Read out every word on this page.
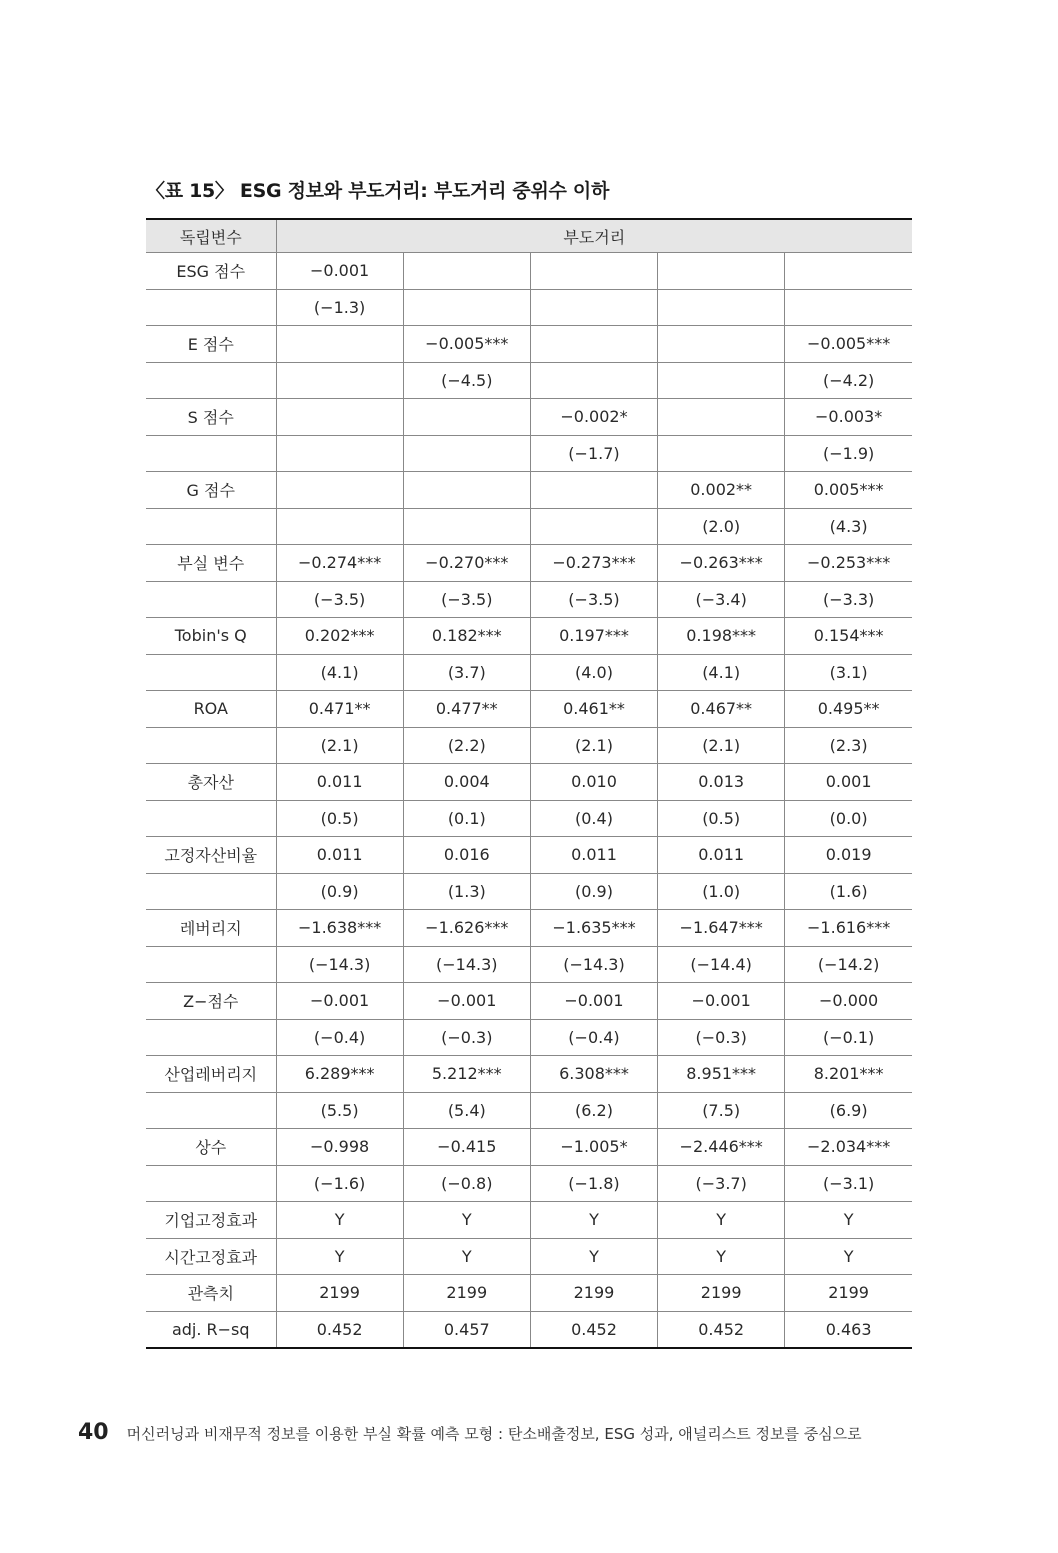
〈표 15〉 ESG 정보와 부도거리: 부도거리 중위수 이하
독립변수	부도거리				
ESG 점수	−0.001				
	(−1.3)				
E 점수		−0.005***			−0.005***
		(−4.5)			(−4.2)
S 점수			−0.002*		−0.003*
			(−1.7)		(−1.9)
G 점수				0.002**	0.005***
				(2.0)	(4.3)
부실 변수	−0.274***	−0.270***	−0.273***	−0.263***	−0.253***
	(−3.5)	(−3.5)	(−3.5)	(−3.4)	(−3.3)
Tobin's Q	0.202***	0.182***	0.197***	0.198***	0.154***
	(4.1)	(3.7)	(4.0)	(4.1)	(3.1)
ROA	0.471**	0.477**	0.461**	0.467**	0.495**
	(2.1)	(2.2)	(2.1)	(2.1)	(2.3)
총자산	0.011	0.004	0.010	0.013	0.001
	(0.5)	(0.1)	(0.4)	(0.5)	(0.0)
고정자산비율	0.011	0.016	0.011	0.011	0.019
	(0.9)	(1.3)	(0.9)	(1.0)	(1.6)
레버리지	−1.638***	−1.626***	−1.635***	−1.647***	−1.616***
	(−14.3)	(−14.3)	(−14.3)	(−14.4)	(−14.2)
Z−점수	−0.001	−0.001	−0.001	−0.001	−0.000
	(−0.4)	(−0.3)	(−0.4)	(−0.3)	(−0.1)
산업레버리지	6.289***	5.212***	6.308***	8.951***	8.201***
	(5.5)	(5.4)	(6.2)	(7.5)	(6.9)
상수	−0.998	−0.415	−1.005*	−2.446***	−2.034***
	(−1.6)	(−0.8)	(−1.8)	(−3.7)	(−3.1)
기업고정효과	Y	Y	Y	Y	Y
시간고정효과	Y	Y	Y	Y	Y
관측치	2199	2199	2199	2199	2199
adj. R−sq	0.452	0.457	0.452	0.452	0.463
40 머신러닝과 비재무적 정보를 이용한 부실 확률 예측 모형 : 탄소배출정보, ESG 성과, 애널리스트 정보를 중심으로
